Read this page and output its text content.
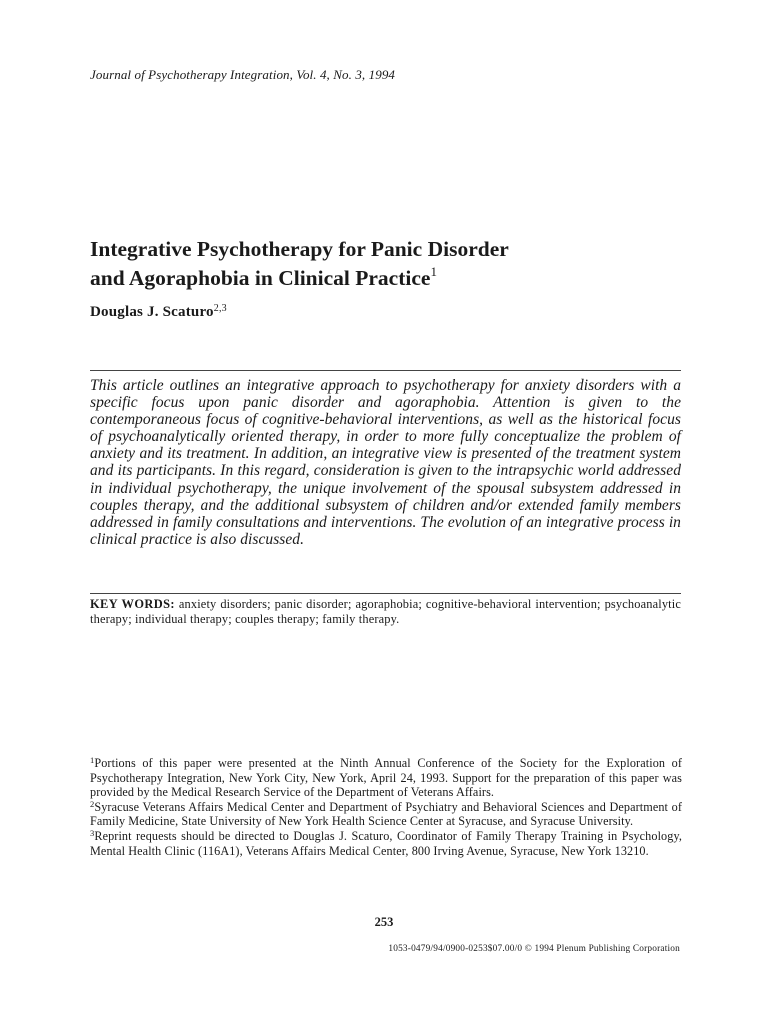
Journal of Psychotherapy Integration, Vol. 4, No. 3, 1994
Integrative Psychotherapy for Panic Disorder
and Agoraphobia in Clinical Practice$^1$
Douglas J. Scaturo$^{2,3}$

This article outlines an integrative approach to psychotherapy for anxiety disorders with a specific focus upon panic disorder and agoraphobia. Attention is given to the contemporaneous focus of cognitive-behavioral interventions, as well as the historical focus of psychoanalytically oriented therapy, in order to more fully conceptualize the problem of anxiety and its treatment. In addition, an integrative view is presented of the treatment system and its participants. In this regard, consideration is given to the intrapsychic world addressed in individual psychotherapy, the unique involvement of the spousal subsystem addressed in couples therapy, and the additional subsystem of children and/or extended family members addressed in family consultations and interventions. The evolution of an integrative process in clinical practice is also discussed.

KEY WORDS: anxiety disorders; panic disorder; agoraphobia; cognitive-behavioral intervention; psychoanalytic therapy; individual therapy; couples therapy; family therapy.

$^1$Portions of this paper were presented at the Ninth Annual Conference of the Society for the Exploration of Psychotherapy Integration, New York City, New York, April 24, 1993. Support for the preparation of this paper was provided by the Medical Research Service of the Department of Veterans Affairs.

$^2$Syracuse Veterans Affairs Medical Center and Department of Psychiatry and Behavioral Sciences and Department of Family Medicine, State University of New York Health Science Center at Syracuse, and Syracuse University.

$^3$Reprint requests should be directed to Douglas J. Scaturo, Coordinator of Family Therapy Training in Psychology, Mental Health Clinic (116A1), Veterans Affairs Medical Center, 800 Irving Avenue, Syracuse, New York 13210.

253
1053-0479/94/0900-0253$07.00/0 © 1994 Plenum Publishing Corporation
